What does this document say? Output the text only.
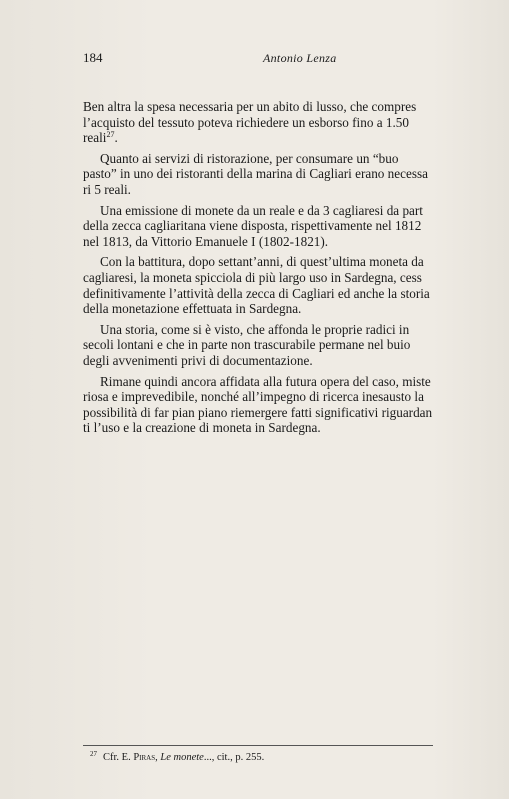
184	Antonio Lenza
Ben altra la spesa necessaria per un abito di lusso, che compres
l’acquisto del tessuto poteva richiedere un esborso fino a 1.50
reali$^{27}$.
Quanto ai servizi di ristorazione, per consumare un “buo
pasto” in uno dei ristoranti della marina di Cagliari erano necessa
ri 5 reali.
Una emissione di monete da un reale e da 3 cagliaresi da part
della zecca cagliaritana viene disposta, rispettivamente nel 1812
nel 1813, da Vittorio Emanuele I (1802-1821).
Con la battitura, dopo settant’anni, di quest’ultima moneta da
cagliaresi, la moneta spicciola di più largo uso in Sardegna, cess
definitivamente l’attività della zecca di Cagliari ed anche la storia
della monetazione effettuata in Sardegna.
Una storia, come si è visto, che affonda le proprie radici in
secoli lontani e che in parte non trascurabile permane nel buio
degli avvenimenti privi di documentazione.
Rimane quindi ancora affidata alla futura opera del caso, miste
riosa e imprevedibile, nonché all’impegno di ricerca inesausto la
possibilità di far pian piano riemergere fatti significativi riguardan
ti l’uso e la creazione di moneta in Sardegna.
$^{27}$ Cfr. E. Piras, Le monete..., cit., p. 255.
